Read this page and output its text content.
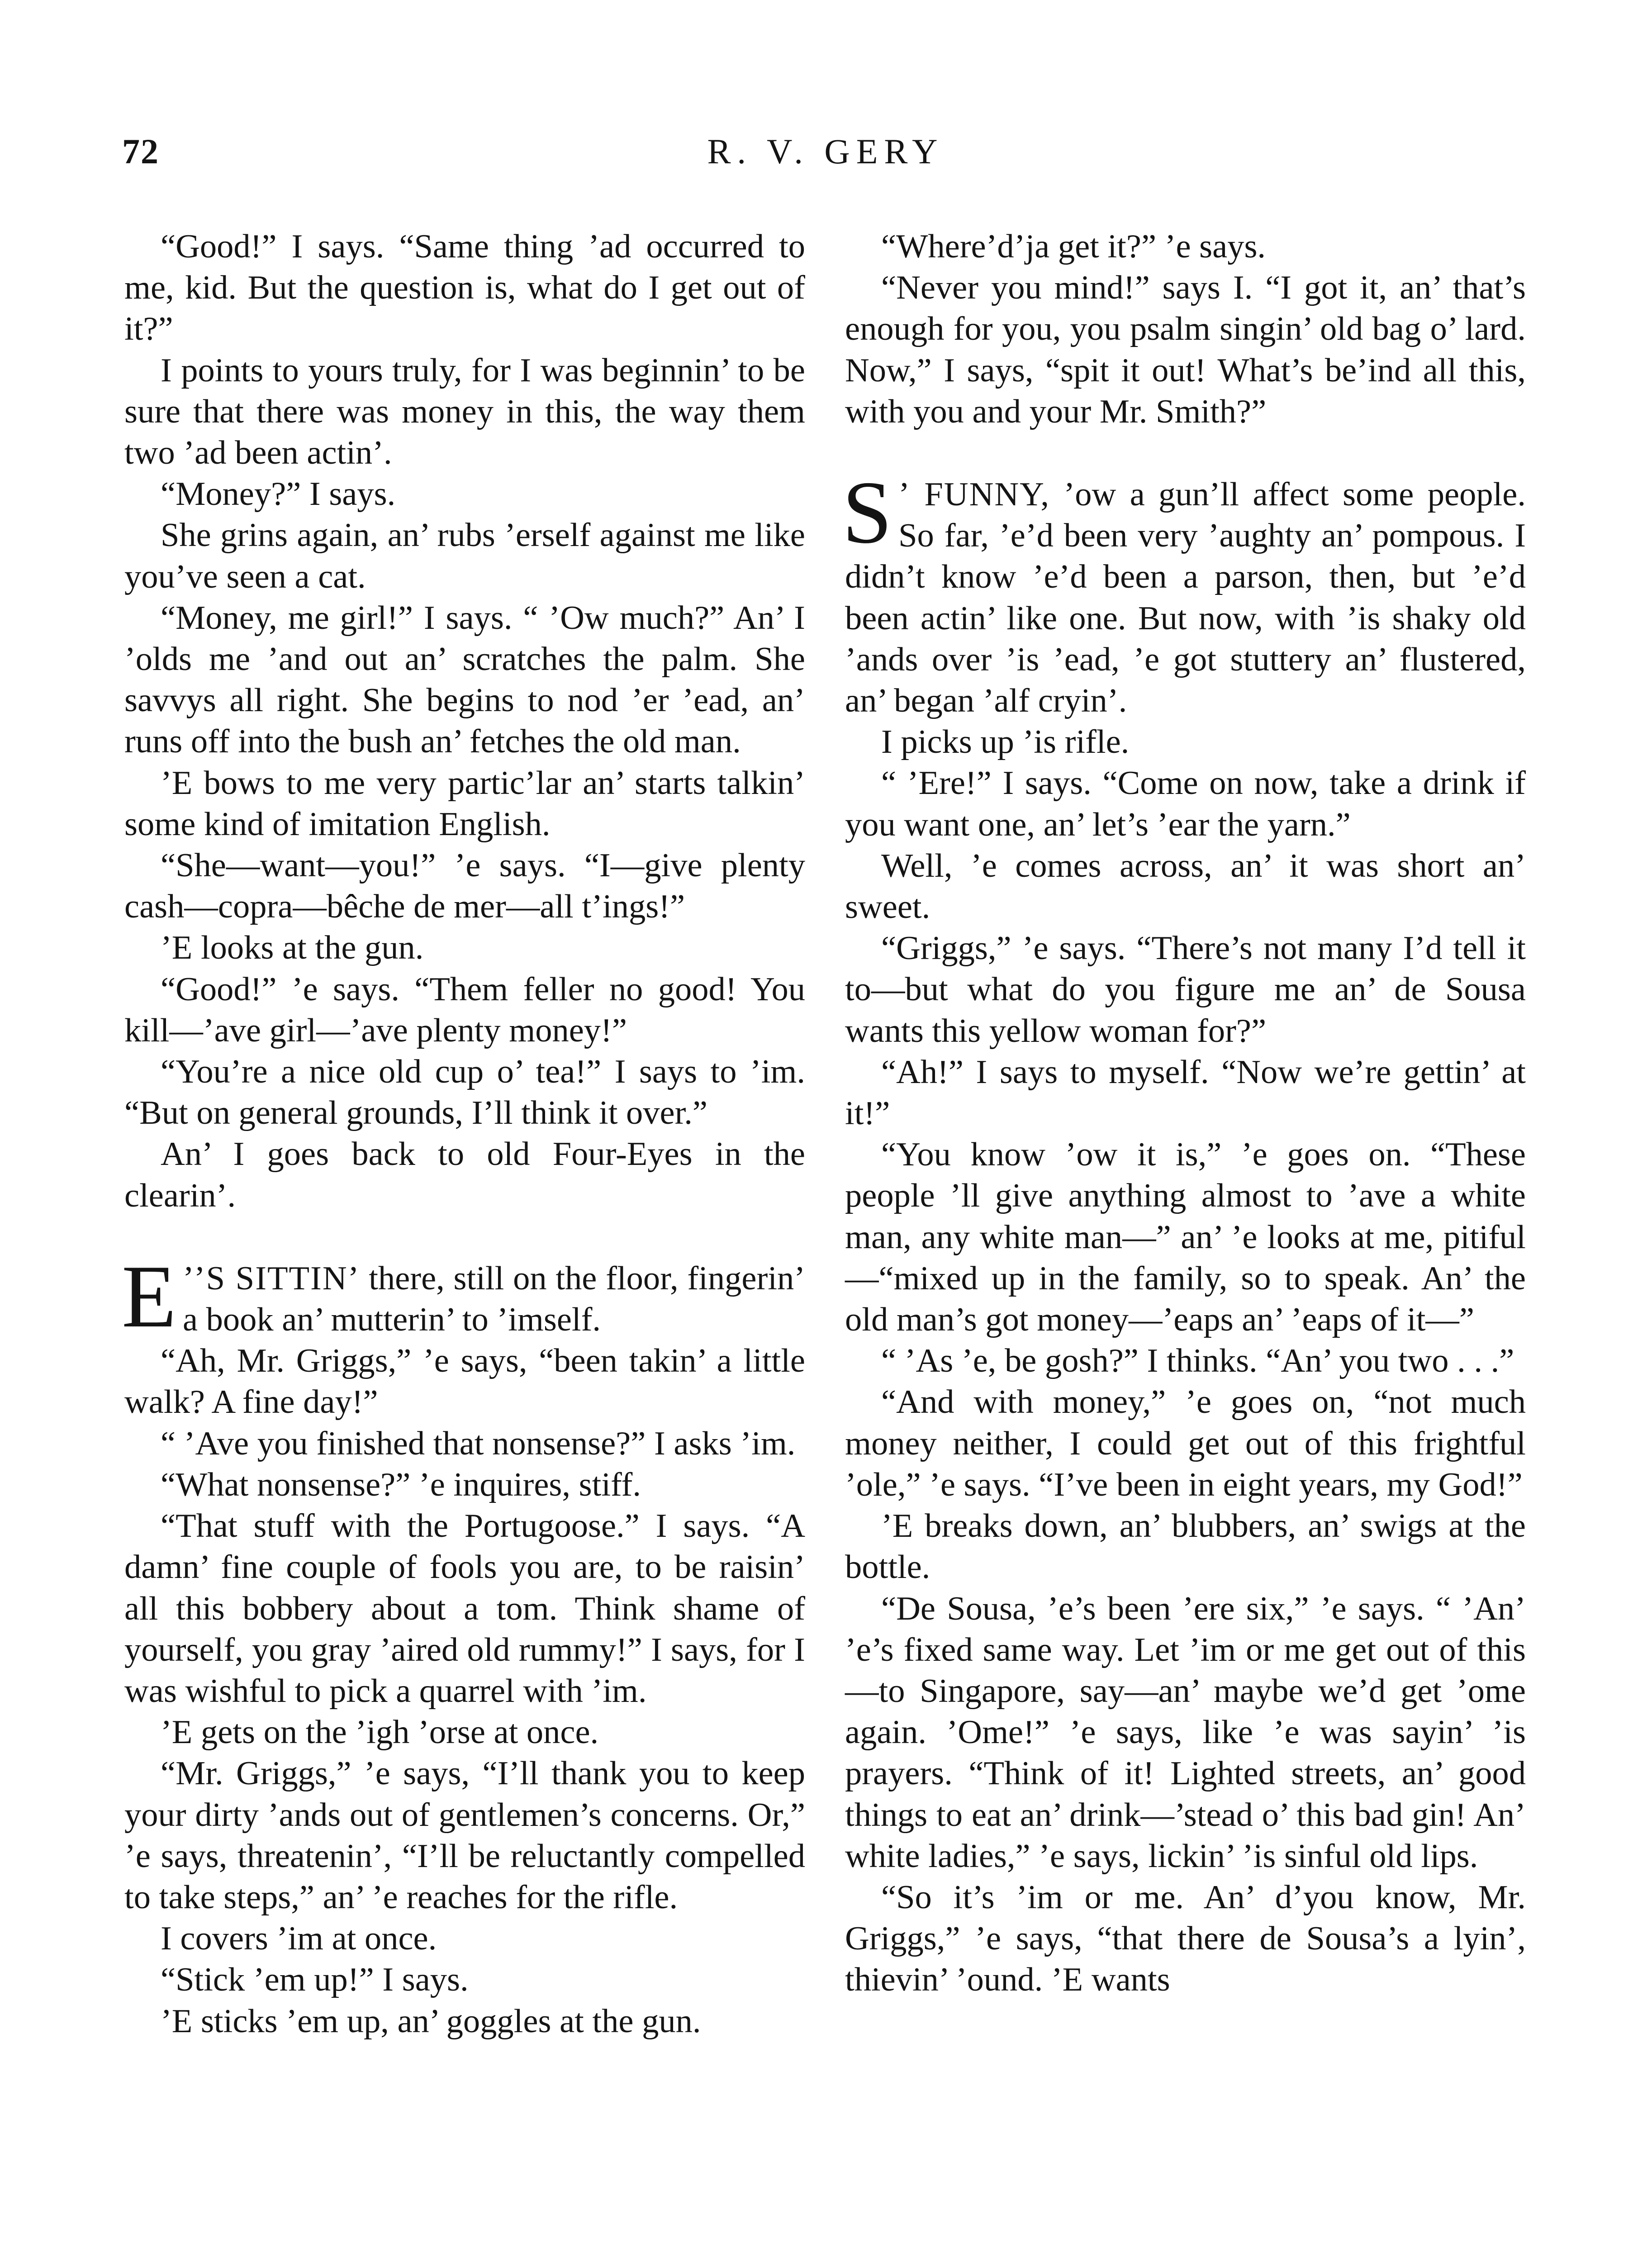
72	R. V. GERY

“Good!” I says. “Same thing ’ad occurred to me, kid. But the question is, what do I get out of it?”

I points to yours truly, for I was beginnin’ to be sure that there was money in this, the way them two ’ad been actin’.

“Money?” I says.

She grins again, an’ rubs ’erself against me like you’ve seen a cat.

“Money, me girl!” I says. “ ’Ow much?” An’ I ’olds me ’and out an’ scratches the palm. She savvys all right. She begins to nod ’er ’ead, an’ runs off into the bush an’ fetches the old man.

’E bows to me very partic’lar an’ starts talkin’ some kind of imitation English.

“She—want—you!” ’e says. “I—give plenty cash—copra—bêche de mer—all t’ings!”

’E looks at the gun.

“Good!” ’e says. “Them feller no good! You kill—’ave girl—’ave plenty money!”

“You’re a nice old cup o’ tea!” I says to ’im. “But on general grounds, I’ll think it over.”

An’ I goes back to old Four-Eyes in the clearin’.

’
E ’S SITTIN’ there, still on the floor, fingerin’ a book an’ mutterin’ to ’imself.

“Ah, Mr. Griggs,” ’e says, “been takin’ a little walk? A fine day!”

“ ’Ave you finished that nonsense?” I asks ’im.

“What nonsense?” ’e inquires, stiff.

“That stuff with the Portugoose.” I says. “A damn’ fine couple of fools you are, to be raisin’ all this bobbery about a tom. Think shame of yourself, you gray ’aired old rummy!” I says, for I was wishful to pick a quarrel with ’im.

’E gets on the ’igh ’orse at once.

“Mr. Griggs,” ’e says, “I’ll thank you to keep your dirty ’ands out of gentlemen’s concerns. Or,” ’e says, threatenin’, “I’ll be reluctantly compelled to take steps,” an’ ’e reaches for the rifle.

I covers ’im at once.

“Stick ’em up!” I says.

’E sticks ’em up, an’ goggles at the gun.

“Where’d’ja get it?” ’e says.

“Never you mind!” says I. “I got it, an’ that’s enough for you, you psalm singin’ old bag o’ lard. Now,” I says, “spit it out! What’s be’ind all this, with you and your Mr. Smith?”

’
S FUNNY, ’ow a gun’ll affect some people. So far, ’e’d been very ’aughty an’ pompous. I didn’t know ’e’d been a parson, then, but ’e’d been actin’ like one. But now, with ’is shaky old ’ands over ’is ’ead, ’e got stuttery an’ flustered, an’ began ’alf cryin’.

I picks up ’is rifle.

“ ’Ere!” I says. “Come on now, take a drink if you want one, an’ let’s ’ear the yarn.”

Well, ’e comes across, an’ it was short an’ sweet.

“Griggs,” ’e says. “There’s not many I’d tell it to—but what do you figure me an’ de Sousa wants this yellow woman for?”

“Ah!” I says to myself. “Now we’re gettin’ at it!”

“You know ’ow it is,” ’e goes on. “These people ’ll give anything almost to ’ave a white man, any white man—” an’ ’e looks at me, pitiful—“mixed up in the family, so to speak. An’ the old man’s got money—’eaps an’ ’eaps of it—”

“ ’As ’e, be gosh?” I thinks. “An’ you two . . .”

“And with money,” ’e goes on, “not much money neither, I could get out of this frightful ’ole,” ’e says. “I’ve been in eight years, my God!”

’E breaks down, an’ blubbers, an’ swigs at the bottle.

“De Sousa, ’e’s been ’ere six,” ’e says. “ ’An’ ’e’s fixed same way. Let ’im or me get out of this—to Singapore, say—an’ maybe we’d get ’ome again. ’Ome!” ’e says, like ’e was sayin’ ’is prayers. “Think of it! Lighted streets, an’ good things to eat an’ drink—’stead o’ this bad gin! An’ white ladies,” ’e says, lickin’ ’is sinful old lips.

“So it’s ’im or me. An’ d’you know, Mr. Griggs,” ’e says, “that there de Sousa’s a lyin’, thievin’ ’ound. ’E wants
